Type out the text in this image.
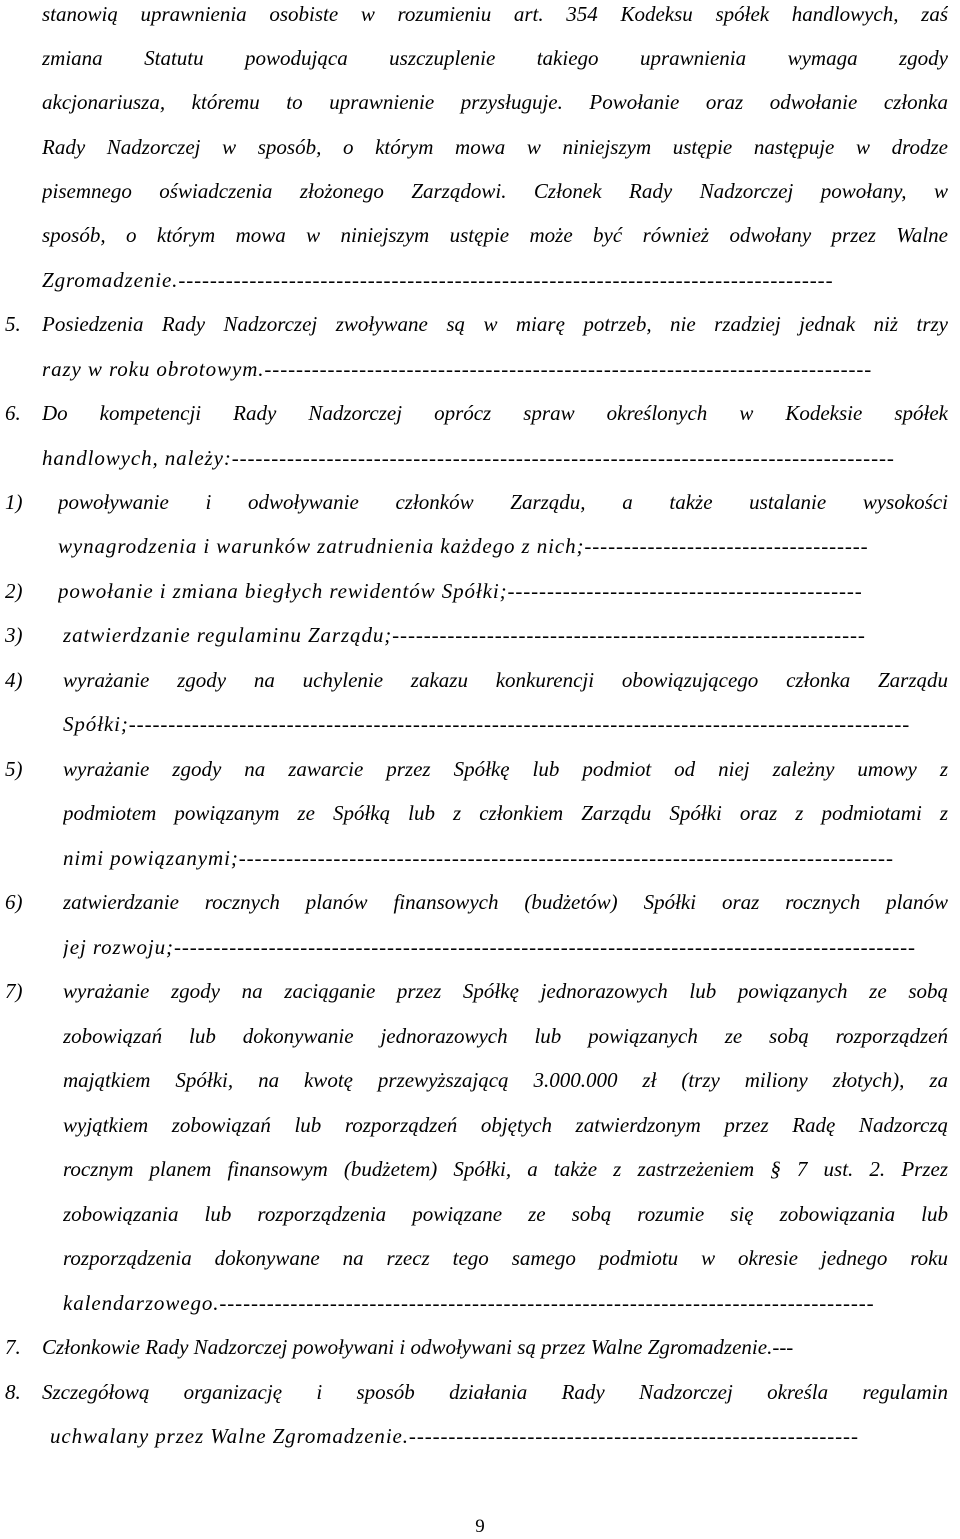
stanowią uprawnienia osobiste w rozumieniu art. 354 Kodeksu spółek handlowych, zaś
zmiana Statutu powodująca uszczuplenie takiego uprawnienia wymaga zgody
akcjonariusza, któremu to uprawnienie przysługuje. Powołanie oraz odwołanie członka
Rady Nadzorczej w sposób, o którym mowa w niniejszym ustępie następuje w drodze
pisemnego oświadczenia złożonego Zarządowi. Członek Rady Nadzorczej powołany, w
sposób, o którym mowa w niniejszym ustępie może być również odwołany przez Walne
Zgromadzenie.-----------------------------------------------------------------------------------
5. Posiedzenia Rady Nadzorczej zwoływane są w miarę potrzeb, nie rzadziej jednak niż trzy
razy w roku obrotowym.-----------------------------------------------------------------------------
6. Do kompetencji Rady Nadzorczej oprócz spraw określonych w Kodeksie spółek
handlowych, należy:------------------------------------------------------------------------------------
1) powoływanie i odwoływanie członków Zarządu, a także ustalanie wysokości
wynagrodzenia i warunków zatrudnienia każdego z nich;------------------------------------
2) powołanie i zmiana biegłych rewidentów Spółki;---------------------------------------------
3) zatwierdzanie regulaminu Zarządu;------------------------------------------------------------
4) wyrażanie zgody na uchylenie zakazu konkurencji obowiązującego członka Zarządu
Spółki;---------------------------------------------------------------------------------------------------
5) wyrażanie zgody na zawarcie przez Spółkę lub podmiot od niej zależny umowy z
podmiotem powiązanym ze Spółką lub z członkiem Zarządu Spółki oraz z podmiotami z
nimi powiązanymi;-----------------------------------------------------------------------------------
6) zatwierdzanie rocznych planów finansowych (budżetów) Spółki oraz rocznych planów
jej rozwoju;----------------------------------------------------------------------------------------------
7) wyrażanie zgody na zaciąganie przez Spółkę jednorazowych lub powiązanych ze sobą
zobowiązań lub dokonywanie jednorazowych lub powiązanych ze sobą rozporządzeń
majątkiem Spółki, na kwotę przewyższającą 3.000.000 zł (trzy miliony złotych), za
wyjątkiem zobowiązań lub rozporządzeń objętych zatwierdzonym przez Radę Nadzorczą
rocznym planem finansowym (budżetem) Spółki, a także z zastrzeżeniem § 7 ust. 2. Przez
zobowiązania lub rozporządzenia powiązane ze sobą rozumie się zobowiązania lub
rozporządzenia dokonywane na rzecz tego samego podmiotu w okresie jednego roku
kalendarzowego.-----------------------------------------------------------------------------------
7. Członkowie Rady Nadzorczej powoływani i odwoływani są przez Walne Zgromadzenie.---
8. Szczegółową organizację i sposób działania Rady Nadzorczej określa regulamin
uchwalany przez Walne Zgromadzenie.---------------------------------------------------------
9
